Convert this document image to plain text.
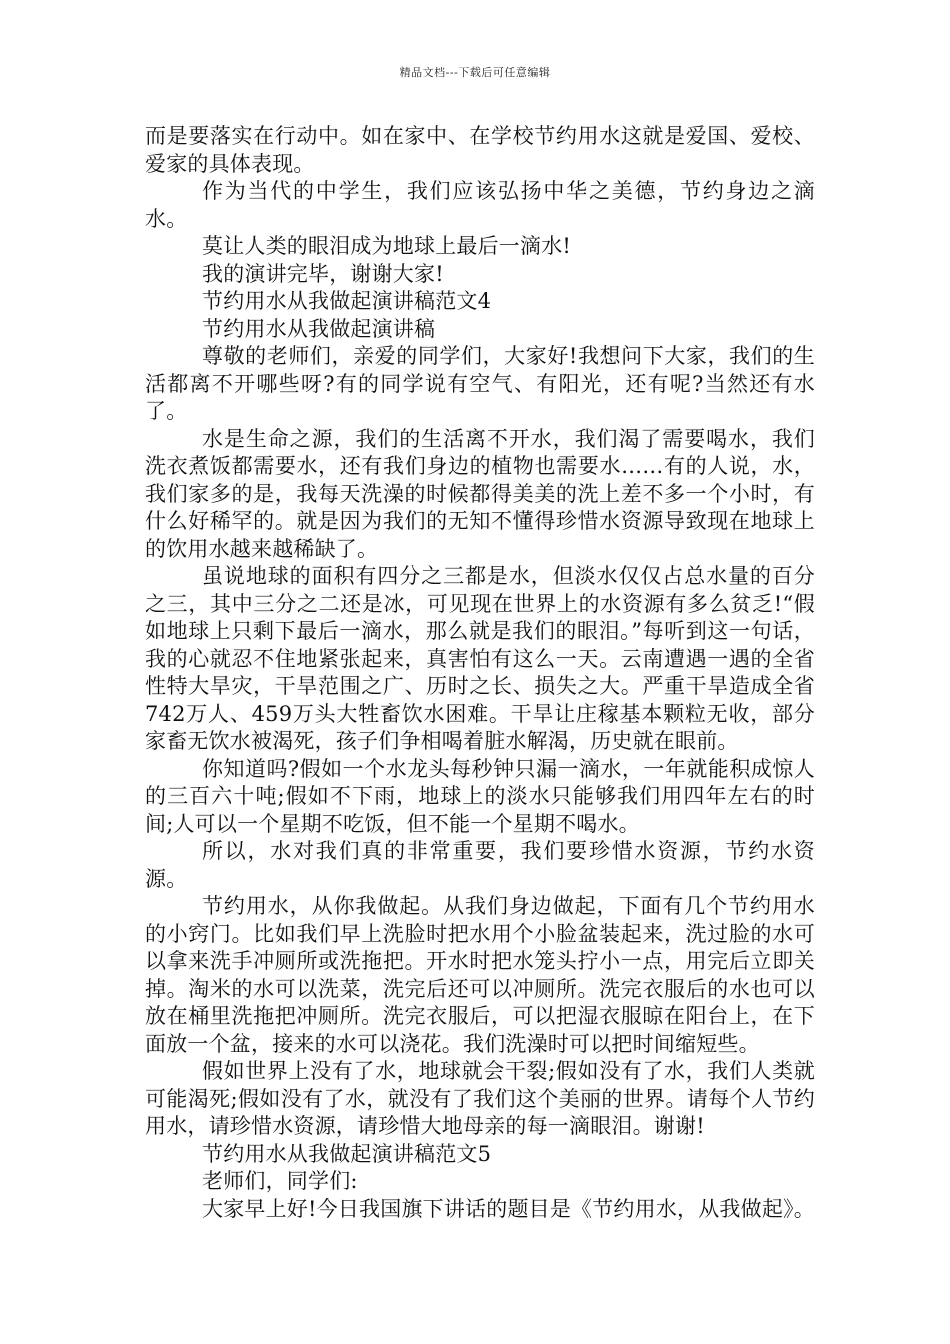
精品文档---下载后可任意编辑

而是要落实在行动中。如在家中、在学校节约用水这就是爱国、爱校、爱家的具体表现。

作为当代的中学生，我们应该弘扬中华之美德，节约身边之滴水。

莫让人类的眼泪成为地球上最后一滴水!

我的演讲完毕，谢谢大家!

节约用水从我做起演讲稿范文4

节约用水从我做起演讲稿

尊敬的老师们，亲爱的同学们，大家好!我想问下大家，我们的生活都离不开哪些呀?有的同学说有空气、有阳光，还有呢?当然还有水了。

水是生命之源，我们的生活离不开水，我们渴了需要喝水，我们洗衣煮饭都需要水，还有我们身边的植物也需要水……有的人说，水，我们家多的是，我每天洗澡的时候都得美美的洗上差不多一个小时，有什么好稀罕的。就是因为我们的无知不懂得珍惜水资源导致现在地球上的饮用水越来越稀缺了。

虽说地球的面积有四分之三都是水，但淡水仅仅占总水量的百分之三，其中三分之二还是冰，可见现在世界上的水资源有多么贫乏!“假如地球上只剩下最后一滴水，那么就是我们的眼泪。”每听到这一句话，我的心就忍不住地紧张起来，真害怕有这么一天。云南遭遇一遇的全省性特大旱灾，干旱范围之广、历时之长、损失之大。严重干旱造成全省742万人、459万头大牲畜饮水困难。干旱让庄稼基本颗粒无收，部分家畜无饮水被渴死，孩子们争相喝着脏水解渴，历史就在眼前。

你知道吗?假如一个水龙头每秒钟只漏一滴水，一年就能积成惊人的三百六十吨;假如不下雨，地球上的淡水只能够我们用四年左右的时间;人可以一个星期不吃饭，但不能一个星期不喝水。

所以，水对我们真的非常重要，我们要珍惜水资源，节约水资源。

节约用水，从你我做起。从我们身边做起，下面有几个节约用水的小窍门。比如我们早上洗脸时把水用个小脸盆装起来，洗过脸的水可以拿来洗手冲厕所或洗拖把。开水时把水笼头拧小一点，用完后立即关掉。淘米的水可以洗菜，洗完后还可以冲厕所。洗完衣服后的水也可以放在桶里洗拖把冲厕所。洗完衣服后，可以把湿衣服晾在阳台上，在下面放一个盆，接来的水可以浇花。我们洗澡时可以把时间缩短些。

假如世界上没有了水，地球就会干裂;假如没有了水，我们人类就可能渴死;假如没有了水，就没有了我们这个美丽的世界。请每个人节约用水，请珍惜水资源，请珍惜大地母亲的每一滴眼泪。谢谢!

节约用水从我做起演讲稿范文5

老师们，同学们:

大家早上好!今日我国旗下讲话的题目是《节约用水，从我做起》。
